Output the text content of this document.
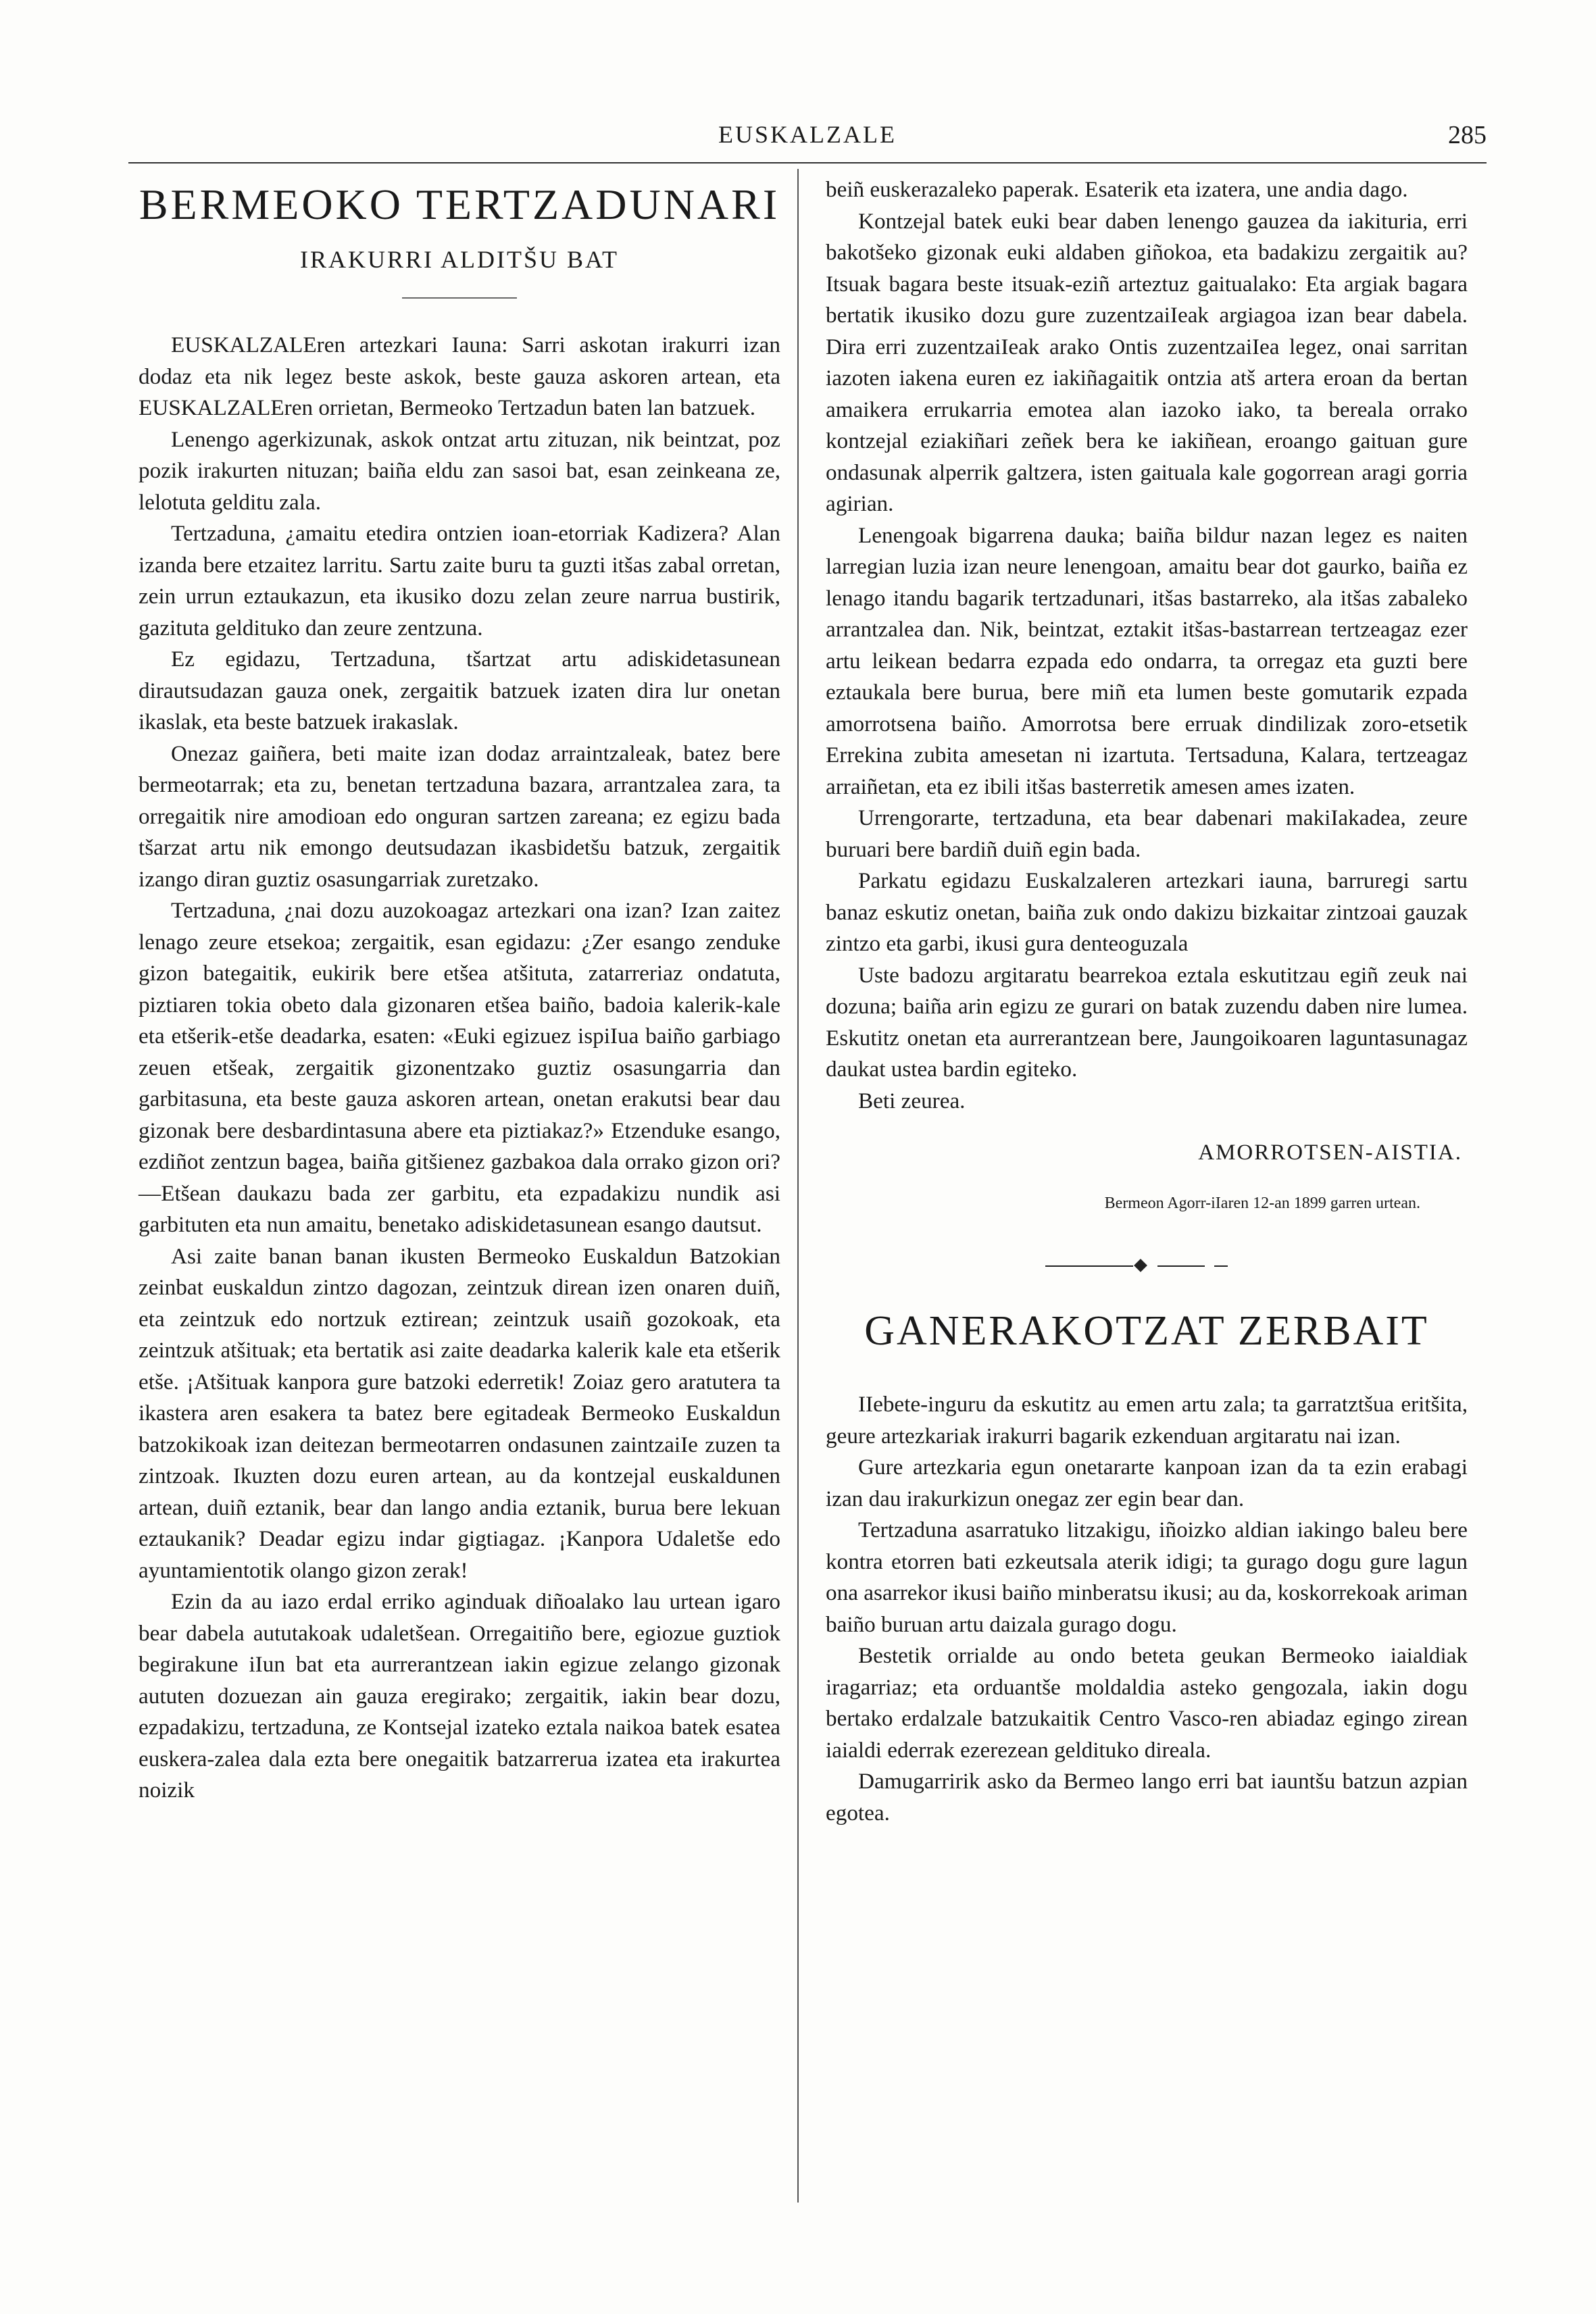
EUSKALZALE	285
BERMEOKO TERTZADUNARI
IRAKURRI ALDITŠU BAT

EUSKALZALEren artezkari Iauna: Sarri askotan irakurri izan dodaz eta nik legez beste askok, beste gauza askoren artean, eta EUSKALZALEren orrietan, Bermeoko Tertzadun baten lan batzuek.

Lenengo agerkizunak, askok ontzat artu zituzan, nik beintzat, poz pozik irakurten nituzan; baiña eldu zan sasoi bat, esan zeinkeana ze, lelotuta gelditu zala.

Tertzaduna, ¿amaitu etedira ontzien ioan-etorriak Kadizera? Alan izanda bere etzaitez larritu. Sartu zaite buru ta guzti itšas zabal orretan, zein urrun eztaukazun, eta ikusiko dozu zelan zeure narrua bustirik, gazituta gelditukо dan zeure zentzuna.

Ez egidazu, Tertzaduna, tšartzat artu adiskidetasunean dirautsudazan gauza onek, zergaitik batzuek izaten dira lur onetan ikaslak, eta beste batzuek irakaslak.

Onezaz gaiñera, beti maite izan dodaz arraintzaleak, batez bere bermeotarrak; eta zu, benetan tertzaduna bazara, arrantzalea zara, ta orregaitik nire amodioan edo onguran sartzen zareana; ez egizu bada tšarzat artu nik emongo deutsudazan ikasbidetšu batzuk, zergaitik izango diran guztiz osasungarriak zuretzako.

Tertzaduna, ¿nai dozu auzokoagaz artezkari ona izan? Izan zaitez lenago zeure etsekoa; zergaitik, esan egidazu: ¿Zer esango zenduke gizon bategaitik, eukirik bere etšea atšituta, zatarreriaz ondatuta, piztiaren tokia obeto dala gizonaren etšea baiño, badoia kalerik-kale eta etšerik-etše deadarka, esaten: «Euki egizuez ispiIua baiño garbiago zeuen etšeak, zergaitik gizonentzako guztiz osasungarria dan garbitasuna, eta beste gauza askoren artean, onetan erakutsi bear dau gizonak bere desbardintasuna abere eta piztiakaz?» Etzenduke esango, ezdiñot zentzun bagea, baiña gitšienez gazbakoa dala orrako gizon ori?—Etšean daukazu bada zer garbitu, eta ezpadakizu nundik asi garbituten eta nun amaitu, benetako adiskidetasunean esango dautsut.

Asi zaite banan banan ikusten Bermeoko Euskaldun Batzokian zeinbat euskaldun zintzo dagozan, zeintzuk direan izen onaren duiñ, eta zeintzuk edo nortzuk eztirean; zeintzuk usaiñ gozokoak, eta zeintzuk atšituak; eta bertatik asi zaite deadarka kalerik kale eta etšerik etše. ¡Atšituak kanpora gure batzoki ederretik! Zoiaz gero aratutera ta ikastera aren esakera ta batez bere egitadeak Bermeoko Euskaldun batzokikoak izan deitezan bermeotarren ondasunen zaintzaiIe zuzen ta zintzoak. Ikuzten dozu euren artean, au da kontzejal euskaldunen artean, duiñ eztanik, bear dan lango andia eztanik, burua bere lekuan eztaukanik? Deadar egizu indar gigtiagaz. ¡Kanpora Udaletše edo ayuntamientotik olango gizon zerak!

Ezin da au iazo erdal erriko aginduak diñoalako lau urtean igaro bear dabela aututakoak udaletšean. Orregaitiño bere, egiozue guztiok begirakune iIun bat eta aurrerantzean iakin egizue zelango gizonak aututen dozuezan ain gauza eregirako; zergaitik, iakin bear dozu, ezpadakizu, tertzaduna, ze Kontsejal izateko eztala naikoa batek esatea euskera-zalea dala ezta bere onegaitik batzarrerua izatea eta irakurtea noizik

beiñ euskerazaleko paperak. Esaterik eta izatera, une andia dago.

Kontzejal batek euki bear daben lenengo gauzea da iakituria, erri bakotšeko gizonak euki aldaben giñokoa, eta badakizu zergaitik au? Itsuak bagara beste itsuak-eziñ arteztuz gaitualako: Eta argiak bagara bertatik ikusiko dozu gure zuzentzaiIeak argiagoa izan bear dabela. Dira erri zuzentzaiIeak arako Ontis zuzentzaiIea legez, onai sarritan iazoten iakena euren ez iakiñagaitik ontzia atš artera eroan da bertan amaikera errukarria emotea alan iazoko iako, ta bereala orrako kontzejal eziakiñari zeñek bera ke iakiñean, eroango gaituan gure ondasunak alperrik galtzera, isten gaituala kale gogorrean aragi gorria agirian.

Lenengoak bigarrena dauka; baiña bildur nazan legez es naiten larregian luzia izan neure lenengoan, amaitu bear dot gaurko, baiña ez lenago itandu bagarik tertzadunari, itšas bastarreko, ala itšas zabaleko arrantzalea dan. Nik, beintzat, eztakit itšas-bastarrean tertzeagaz ezer artu leikean bedarra ezpada edo ondarra, ta orregaz eta guzti bere eztaukala bere burua, bere miñ eta lumen beste gomutarik ezpada amorrotsena baiño. Amorrotsa bere erruak dindilizak zoro-etsetik Errekina zubita amesetan ni izartuta. Tertsaduna, Kalara, tertzeagaz arraiñetan, eta ez ibili itšas basterretik amesen ames izaten.

Urrengorarte, tertzaduna, eta bear dabenari makiIakadea, zeure buruari bere bardiñ duiñ egin bada.

Parkatu egidazu Euskalzaleren artezkari iauna, barruregi sartu banaz eskutiz onetan, baiña zuk ondo dakizu bizkaitar zintzoai gauzak zintzo eta garbi, ikusi gura denteoguzala

Uste badozu argitaratu bearrekoa eztala eskutitzau egiñ zeuk nai dozuna; baiña arin egizu ze gurari on batak zuzendu daben nire lumea. Eskutitz onetan eta aurrerantzean bere, Jaungoikoaren laguntasunagaz daukat ustea bardin egiteko.

Beti zeurea.

AMORROTSEN-AISTIA.
Bermeon Agorr-iIaren 12-an 1899 garren urtean.
GANERAKOTZAT ZERBAIT

IIebete-inguru da eskutitz au emen artu zala; ta garratztšua eritšita, geure artezkariak irakurri bagarik ezkenduan argitaratu nai izan.

Gure artezkaria egun onetararte kanpoan izan da ta ezin erabagi izan dau irakurkizun onegaz zer egin bear dan.

Tertzaduna asarratuko litzakigu, iñoizko aldian iakingo baleu bere kontra etorren bati ezkeutsala aterik idigi; ta gurago dogu gure lagun ona asarrekor ikusi baiño minberatsu ikusi; au da, koskorrekoak ariman baiño buruan artu daizala gurago dogu.

Bestetik orrialde au ondo beteta geukan Bermeoko iaialdiak iragarriaz; eta orduantše moldaldia asteko gengozala, iakin dogu bertako erdalzale batzukaitik Centro Vasco-ren abiadaz egingo zirean iaialdi ederrak ezerezean geldituko direala.

Damugarririk asko da Bermeo lango erri bat iauntšu batzun azpian egotea.
